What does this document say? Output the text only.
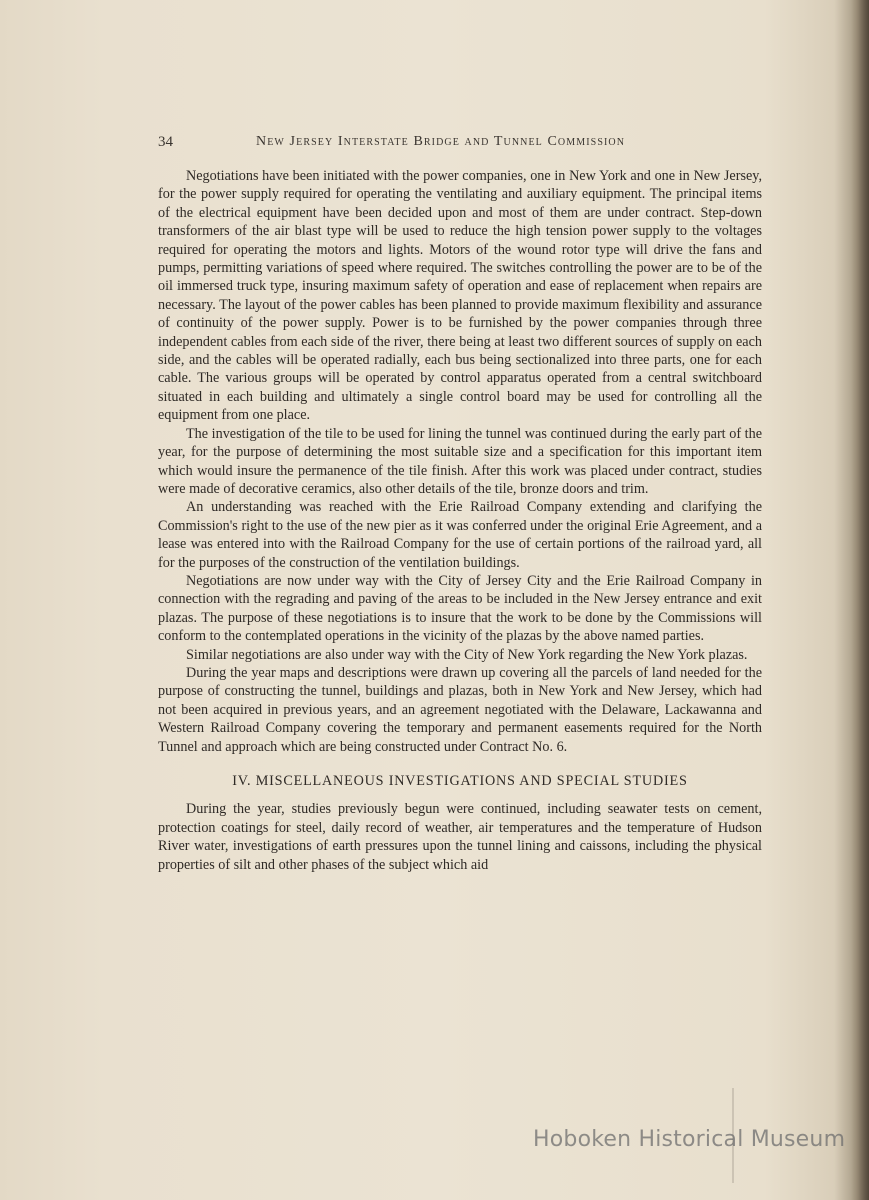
34	New Jersey Interstate Bridge and Tunnel Commission

Negotiations have been initiated with the power companies, one in New York and one in New Jersey, for the power supply required for operating the ventilating and auxiliary equipment. The principal items of the electrical equipment have been decided upon and most of them are under contract. Step-down transformers of the air blast type will be used to reduce the high tension power supply to the voltages required for operating the motors and lights. Motors of the wound rotor type will drive the fans and pumps, permitting variations of speed where required. The switches controlling the power are to be of the oil immersed truck type, insuring maximum safety of operation and ease of replacement when repairs are necessary. The layout of the power cables has been planned to provide maximum flexibility and assurance of continuity of the power supply. Power is to be furnished by the power companies through three independent cables from each side of the river, there being at least two different sources of supply on each side, and the cables will be operated radially, each bus being sectionalized into three parts, one for each cable. The various groups will be operated by control apparatus operated from a central switchboard situated in each building and ultimately a single control board may be used for controlling all the equipment from one place.

The investigation of the tile to be used for lining the tunnel was continued during the early part of the year, for the purpose of determining the most suitable size and a specification for this important item which would insure the permanence of the tile finish. After this work was placed under contract, studies were made of decorative ceramics, also other details of the tile, bronze doors and trim.

An understanding was reached with the Erie Railroad Company extending and clarifying the Commission's right to the use of the new pier as it was conferred under the original Erie Agreement, and a lease was entered into with the Railroad Company for the use of certain portions of the railroad yard, all for the purposes of the construction of the ventilation buildings.

Negotiations are now under way with the City of Jersey City and the Erie Railroad Company in connection with the regrading and paving of the areas to be included in the New Jersey entrance and exit plazas. The purpose of these negotiations is to insure that the work to be done by the Commissions will conform to the contemplated operations in the vicinity of the plazas by the above named parties.

Similar negotiations are also under way with the City of New York regarding the New York plazas.

During the year maps and descriptions were drawn up covering all the parcels of land needed for the purpose of constructing the tunnel, buildings and plazas, both in New York and New Jersey, which had not been acquired in previous years, and an agreement negotiated with the Delaware, Lackawanna and Western Railroad Company covering the temporary and permanent easements required for the North Tunnel and approach which are being constructed under Contract No. 6.

IV. MISCELLANEOUS INVESTIGATIONS AND SPECIAL STUDIES

During the year, studies previously begun were continued, including seawater tests on cement, protection coatings for steel, daily record of weather, air temperatures and the temperature of Hudson River water, investigations of earth pressures upon the tunnel lining and caissons, including the physical properties of silt and other phases of the subject which aid

Hoboken Historical Museum
